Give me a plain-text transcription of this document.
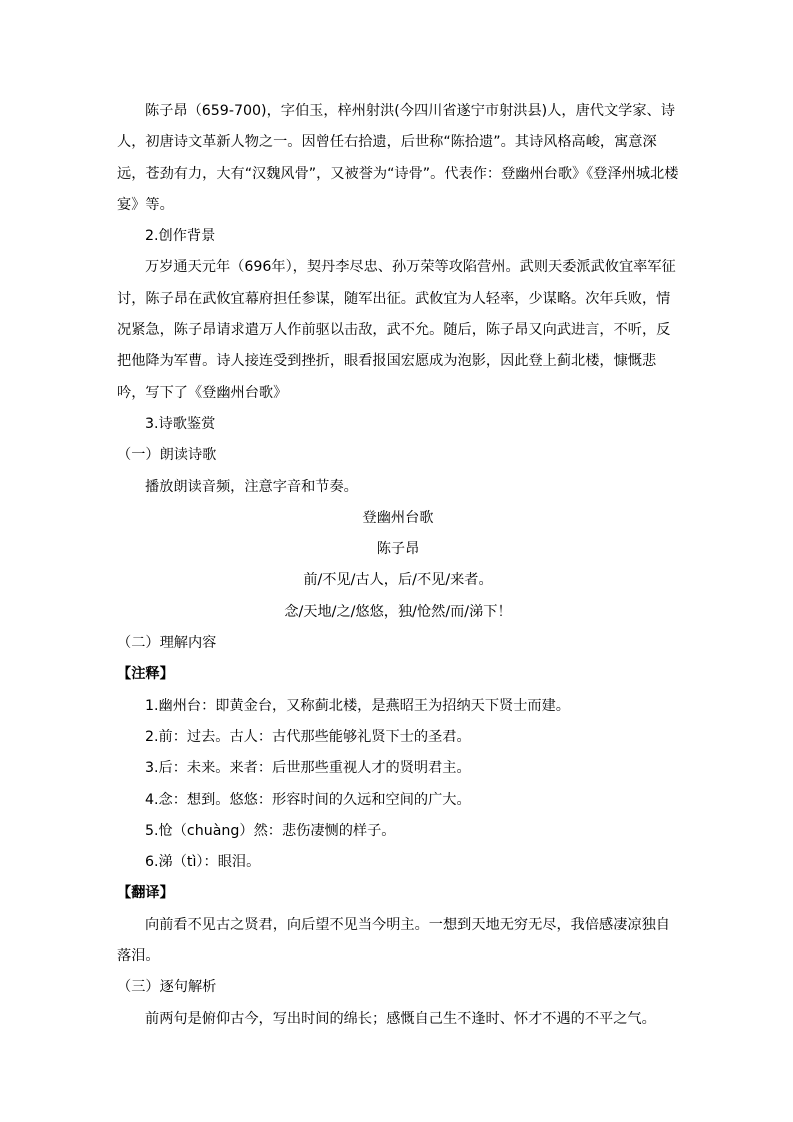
陈子昂（659-700)，字伯玉，梓州射洪(今四川省遂宁市射洪县)人，唐代文学家、诗人，初唐诗文革新人物之一。因曾任右拾遗，后世称“陈拾遗”。其诗风格高峻，寓意深远，苍劲有力，大有“汉魏风骨”，又被誉为“诗骨”。代表作：登幽州台歌》《登泽州城北楼宴》等。

2.创作背景

万岁通天元年（696年），契丹李尽忠、孙万荣等攻陷营州。武则天委派武攸宜率军征讨，陈子昂在武攸宜幕府担任参谋，随军出征。武攸宜为人轻率，少谋略。次年兵败，情况紧急，陈子昂请求遣万人作前驱以击敌，武不允。随后，陈子昂又向武进言，不听，反把他降为军曹。诗人接连受到挫折，眼看报国宏愿成为泡影，因此登上蓟北楼，慷慨悲吟，写下了《登幽州台歌》

3.诗歌鉴赏

（一）朗读诗歌

播放朗读音频，注意字音和节奏。

登幽州台歌

陈子昂

前/不见/古人，后/不见/来者。

念/天地/之/悠悠，独/怆然/而/涕下！

（二）理解内容

【注释】

1.幽州台：即黄金台，又称蓟北楼，是燕昭王为招纳天下贤士而建。

2.前：过去。古人：古代那些能够礼贤下士的圣君。

3.后：未来。来者：后世那些重视人才的贤明君主。

4.念：想到。悠悠：形容时间的久远和空间的广大。

5.怆（chuàng）然：悲伤凄恻的样子。

6.涕（tì）：眼泪。

【翻译】

向前看不见古之贤君，向后望不见当今明主。一想到天地无穷无尽，我倍感凄凉独自落泪。

（三）逐句解析

前两句是俯仰古今，写出时间的绵长；感慨自己生不逢时、怀才不遇的不平之气。
